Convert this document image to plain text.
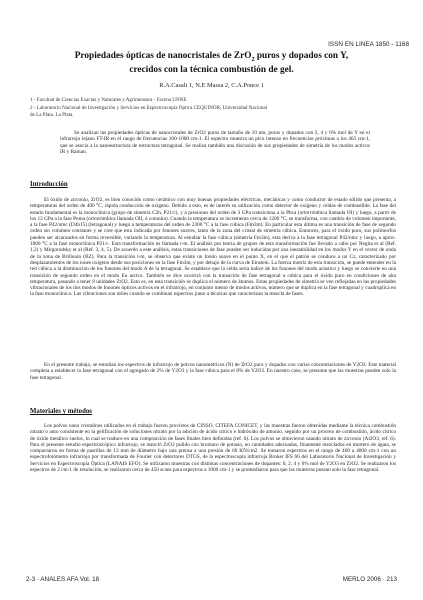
ISSN EN LINEA 1850 - 1168
Propiedades ópticas de nanocristales de ZrO$_2$ puros y dopados con Y,
crecidos con la técnica combustión de gel.
R.A.Casali 1, N.E Massa 2, C.A.Ponce 1
1 - Facultad de Ciencias Exactas y Naturales y Agrimensura - Facena UNNE
2 - Laboratorio Nacional de Investigación y Servicios en Espectroscopía Óptica CEQUINOR, Universidad Nacional
de La Plata. La Plata.
Se analizan las propiedades ópticas de nanocristales de ZrO2 puros de tamaño de 10 nm, puros y dopados con 2, 4 y 6% mol de Y en el infrarrojo lejano FT-IR en el rango de frecuencias 100-1000 cm-1. El espectro muestra un pico intenso en frecuencias próximas a los 463 cm-1, que se asocia a la nanoestructura de estructura tetragonal. Se realiza también una discusión de sus propiedades de simetría de los modos activos IR y Raman.
Introducción

El óxido de zirconio, ZrO2, es bien conocido como cerámico con muy buenas propiedades eléctricas, mecánicas y como conductor de estado sólido que presenta, a temperaturas del orden de 400 °C, rápida conducción de oxígeno. Debido a esto, es de interés su utilización como detector de oxígeno y celdas de combustible. La fase del estado fundamental es la monoclínica (grupo de simetría C2h, P21/c), y a presiones del orden de 3 GPa transiciona a la Pbca (ortorrómbica llamada OI) y luego, a partir de los 12 GPa a la fase Pnma (ortorrómbica llamada OII, ó cotunita). Cuando la temperatura se incrementa cerca de 1200 °C, se transforma, con cambio de volumen importante, a la fase P42/nmc (D4h15) (tetragonal) y luego a temperaturas del orden de 2300 °C a la fase cúbica (Fm3m). En particular esta última es una transición de fase de segundo orden sin volumen constante y se cree que esta indicada por fonones suaves, tanto de la zona del cristal de simetría cúbica. Entonces, para el óxido puro, sus polimorfos pueden ser alcanzados en forma reversible, variando la temperatura. Al estudiar la fase cúbica (simetría Fm3m), esta deriva a la fase tetragonal P42/nmc y luego, a aprox. 1000 °C a la fase monoclínica P21/c. Esta transformación es llamada t-m. El análisis por teoría de grupos de esta transformación fue llevado a cabo por Negita et al (Ref. 1,2) y Mirgorodsky et al (Ref. 3, 4, 5). De acuerdo a este análisis, estas transiciones de fase pueden ser inducidas por una inestabilidad en los modos Y en el vector de onda de la zona de Brillouin (BZ). Para la transición t-m, se observa que existe un fonón suave en el punto X, en el que el patrón se conduce a un Cz, caracterizado por desplazamientos de los iones oxígeno desde sus posiciones en la fase Fm3m, y por debajo de la curva de Einstein. La fuerza motriz de esta transición, se puede entender en la red cúbica a la disminución de los fonones del modo A de la tetragonal. Se establece que la celda seria índice de los fonones del modo acústico y luego se convierte en una transición de segundo orden en el modo Eu activo. También se dice ocurrirá con la transición de fase tetragonal a cúbica para el óxido puro en condiciones de alta temperatura, pasando a tener 8 unidades ZrO2. Esto es, en esta transición se duplica el número de átomos. Estas propiedades de simetría se ven reflejadas en las propiedades vibracionales de los dos modos de fonones ópticos activos en el infrarrojo, en conjunto menor de modos activos, número que se duplica en la fase tetragonal y cuadruplica en la fase monoclínica. Las vibraciones son útiles cuando se combinan espectros junto a técnicas que caracterizan la mezcla de fases.

En el presente trabajo, se estudian los espectros de infrarrojo de polvos nanométricos (N) de ZrO2 puro y dopados con varias concentraciones de Y2O3. Este material completa a establecer la fase tetragonal con el agregado de 2% de Y2O3 y la fase cúbica para el 8% de Y2O3. En nuestro caso, se presume que las muestras pueden solo la fase tetragonal.

Materiales y métodos

Los polvos nano cristalinos utilizados en el trabajo fueron provistos de CINSO, CITEFA CONICET, y las muestras fueron obtenidas mediante la técnica combustión nitrato o auto consistente en la gelificación de soluciones nitrato por la adición de ácido cítrico e hidróxido de amonio, seguido por un proceso de combustión, ácido cítrico de óxido metálico suelos, lo cual se traduce en una composición de fases finales bien definidas (ref. 6). Los polvos se obtuvieron usando nitrato de zirconio (Al2O3, ref. 6). Para el presente estudio espectroscópico infrarrojo, se mezcló ZrO2 pulido con bromuro de potasio, en cantidades adecuadas, finamente mezclados en mortero de ágata, se compactaron en forma de pastillas de 13 mm de diámetro bajo una prensa a una presión de 60 KN/cm2. Se tomaron espectros en el rango de 400 a 4000 cm-1 con un espectrofotómetro infrarrojo por transformada de Fourier con detectores DTGS, de la espectroscopia infrarroja Bruker IFS 66 del Laboratorio Nacional de Investigación y Servicios en Espectroscopía Óptica (LANAIS EFO). Se utilizaron muestras con distintas concentraciones de dopantes: 0, 2, 4 y 6% mol de Y2O3 en ZrO2. Se realizaron los espectros de 2 cm-1 de resolución, se realizaron cerca de 450 scans para espectros a 1000 cm-1 y se promediaron para que las muestras posean solo la fase tetragonal.

2-3 · ANALES AFA Vol. 18	MERLO 2006 · 213
